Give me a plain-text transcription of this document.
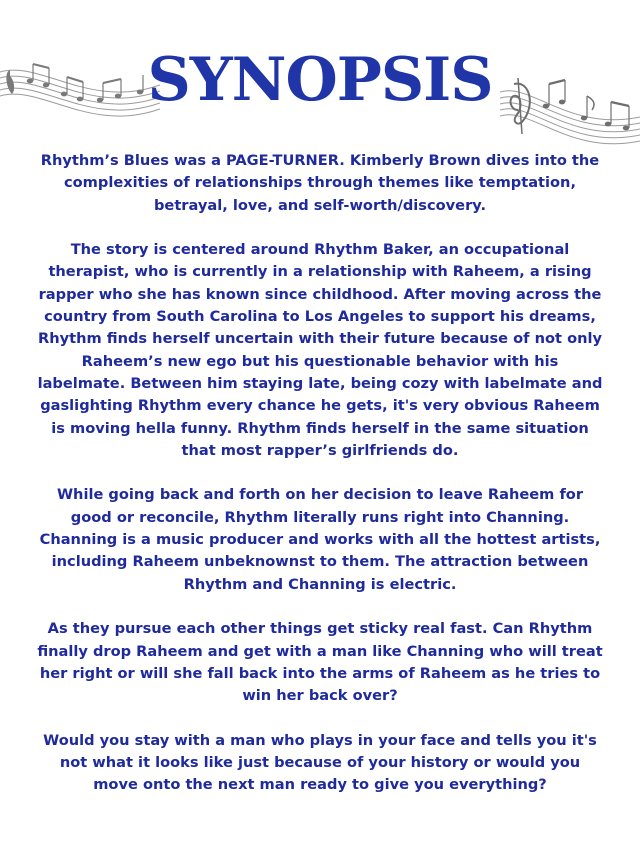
SYNOPSIS

Rhythm’s Blues was a PAGE-TURNER. Kimberly Brown dives into the complexities of relationships through themes like temptation, betrayal, love, and self-worth/discovery.

The story is centered around Rhythm Baker, an occupational therapist, who is currently in a relationship with Raheem, a rising rapper who she has known since childhood. After moving across the country from South Carolina to Los Angeles to support his dreams, Rhythm finds herself uncertain with their future because of not only Raheem’s new ego but his questionable behavior with his labelmate. Between him staying late, being cozy with labelmate and gaslighting Rhythm every chance he gets, it's very obvious Raheem is moving hella funny. Rhythm finds herself in the same situation that most rapper’s girlfriends do.

While going back and forth on her decision to leave Raheem for good or reconcile, Rhythm literally runs right into Channing. Channing is a music producer and works with all the hottest artists, including Raheem unbeknownst to them. The attraction between Rhythm and Channing is electric.

As they pursue each other things get sticky real fast. Can Rhythm finally drop Raheem and get with a man like Channing who will treat her right or will she fall back into the arms of Raheem as he tries to win her back over?

Would you stay with a man who plays in your face and tells you it's not what it looks like just because of your history or would you move onto the next man ready to give you everything?
